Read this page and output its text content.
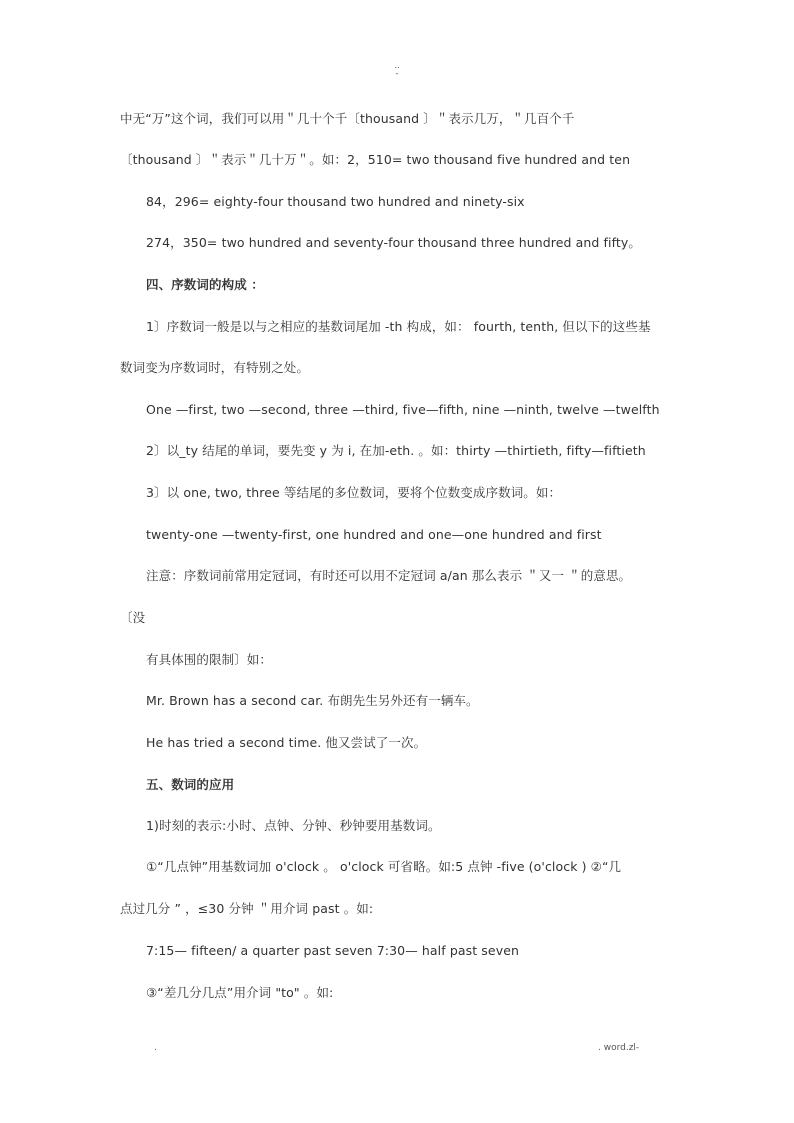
..
-
中无“万”这个词，我们可以用＂几十个千〔thousand 〕＂表示几万，＂几百个千
〔thousand 〕＂表示＂几十万＂。如：2，510= two thousand five hundred and ten
84，296= eighty-four thousand two hundred and ninety-six
274，350= two hundred and seventy-four thousand three hundred and fifty。
四、序数词的构成 ：
1〕序数词一般是以与之相应的基数词尾加 -th 构成，如： fourth, tenth, 但以下的这些基
数词变为序数词时，有特别之处。
One —first, two —second, three —third, five—fifth, nine —ninth, twelve —twelfth
2〕以_ty 结尾的单词，要先变 y 为 i, 在加-eth. 。如：thirty —thirtieth, fifty—fiftieth
3〕以 one, two, three 等结尾的多位数词，要将个位数变成序数词。如：
twenty-one —twenty-first, one hundred and one—one hundred and first
注意：序数词前常用定冠词，有时还可以用不定冠词 a/an 那么表示 ＂又一 ＂的意思。
〔没
有具体围的限制〕如：
Mr. Brown has a second car. 布朗先生另外还有一辆车。
He has tried a second time. 他又尝试了一次。
五、数词的应用
1)时刻的表示:小时、点钟、分钟、秒钟要用基数词。
①“几点钟”用基数词加 o'clock 。 o'clock 可省略。如:5 点钟 -five (o'clock ) ②“几
点过几分 ” ，≤30 分钟 ＂用介词 past 。如:
7:15— fifteen/ a quarter past seven 7:30— half past seven
③“差几分几点”用介词 "to" 。如:
.	. word.zl-
